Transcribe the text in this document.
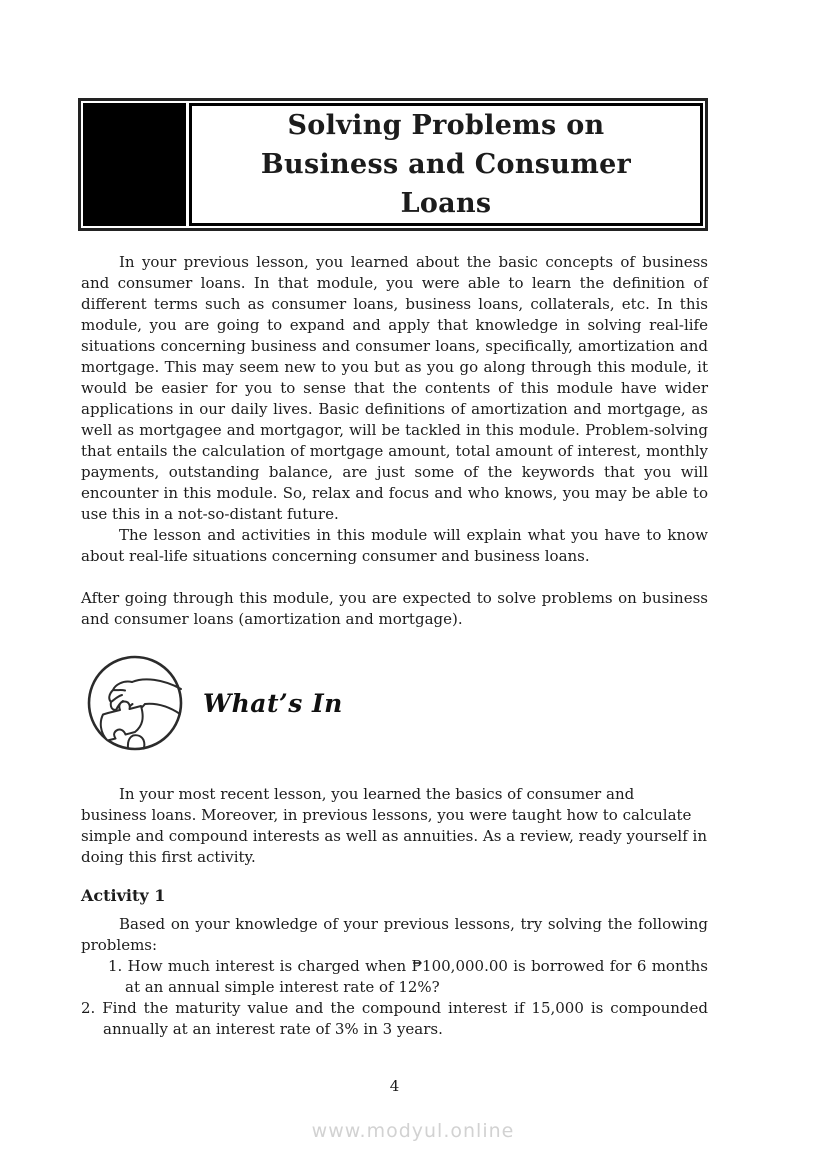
Solving Problems on
Business and Consumer
Loans
In your previous lesson, you learned about the basic concepts of business and consumer loans. In that module, you were able to learn the definition of different terms such as consumer loans, business loans, collaterals, etc. In this module, you are going to expand and apply that knowledge in solving real-life situations concerning business and consumer loans, specifically, amortization and mortgage. This may seem new to you but as you go along through this module, it would be easier for you to sense that the contents of this module have wider applications in our daily lives. Basic definitions of amortization and mortgage, as well as mortgagee and mortgagor, will be tackled in this module. Problem-solving that entails the calculation of mortgage amount, total amount of interest, monthly payments, outstanding balance, are just some of the keywords that you will encounter in this module. So, relax and focus and who knows, you may be able to use this in a not-so-distant future.
The lesson and activities in this module will explain what you have to know about real-life situations concerning consumer and business loans.
After going through this module, you are expected to solve problems on business and consumer loans (amortization and mortgage).
What’s In
In your most recent lesson, you learned the basics of consumer and
business loans. Moreover, in previous lessons, you were taught how to calculate
simple and compound interests as well as annuities. As a review, ready yourself in
doing this first activity.
Activity 1
Based on your knowledge of your previous lessons, try solving the following problems:
1. How much interest is charged when ₱100,000.00 is borrowed for 6 months at an annual simple interest rate of 12%?
2. Find the maturity value and the compound interest if 15,000 is compounded annually at an interest rate of 3% in 3 years.
4
www.modyul.online
